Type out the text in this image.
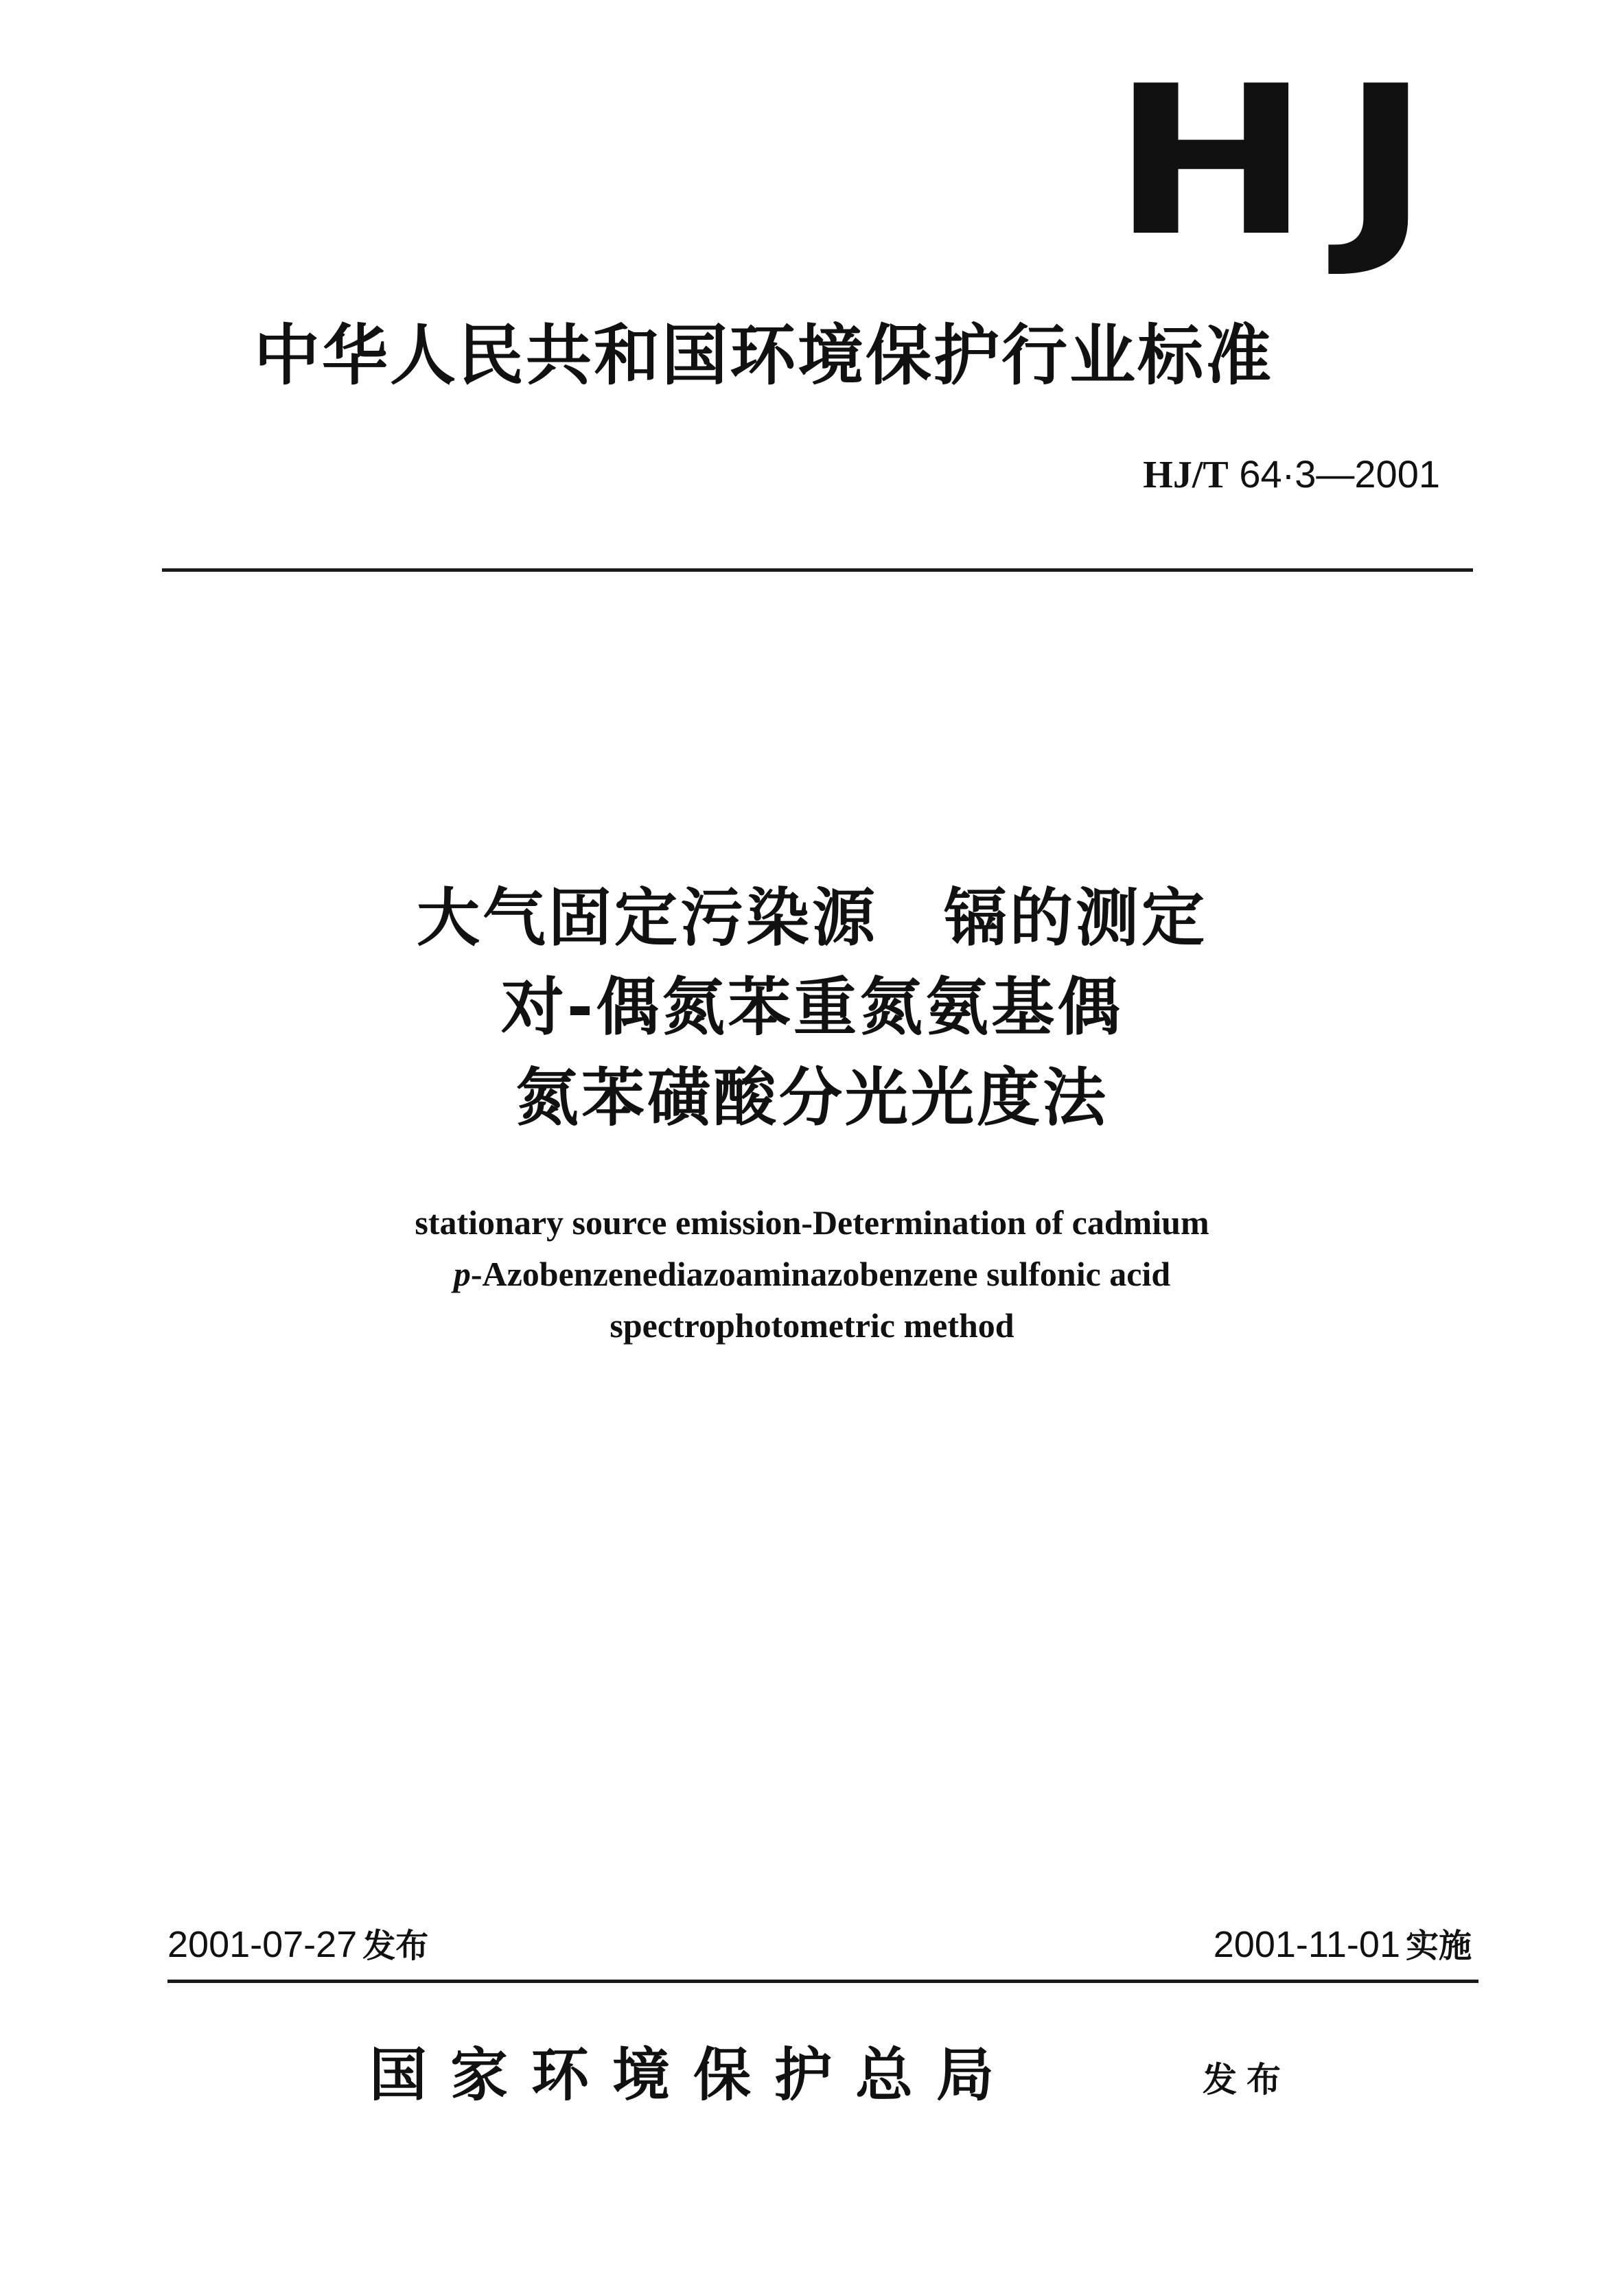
HJ
中华人民共和国环境保护行业标准
HJ/T 64·3—2001
大气固定污染源　镉的测定
对-偶氮苯重氮氨基偶
氮苯磺酸分光光度法
stationary source emission-Determination of cadmium
p-Azobenzenediazoaminazobenzene sulfonic acid
spectrophotometric method
2001-07-27 发布	2001-11-01 实施
国家环境保护总局	发布
